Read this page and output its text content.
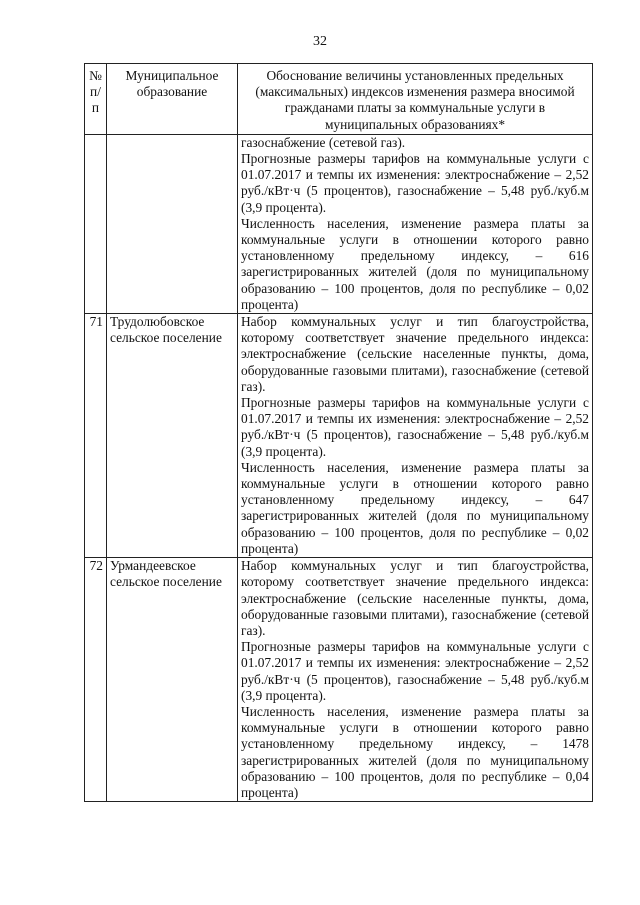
32
№ п/п	Муниципальное образование	Обоснование величины установленных предельных (максимальных) индексов изменения размера вносимой гражданами платы за коммунальные услуги в муниципальных образованиях*

		газоснабжение (сетевой газ).
Прогнозные размеры тарифов на коммунальные услуги с 01.07.2017 и темпы их изменения: электроснабжение – 2,52 руб./кВт·ч (5 процентов), газоснабжение – 5,48 руб./куб.м (3,9 процента).
Численность населения, изменение размера платы за коммунальные услуги в отношении которого равно установленному предельному индексу, – 616 зарегистрированных жителей (доля по муниципальному образованию – 100 процентов, доля по республике – 0,02 процента)

71	Трудолюбовское сельское поселение	Набор коммунальных услуг и тип благоустройства, которому соответствует значение предельного индекса: электроснабжение (сельские населенные пункты, дома, оборудованные газовыми плитами), газоснабжение (сетевой газ).
Прогнозные размеры тарифов на коммунальные услуги с 01.07.2017 и темпы их изменения: электроснабжение – 2,52 руб./кВт·ч (5 процентов), газоснабжение – 5,48 руб./куб.м (3,9 процента).
Численность населения, изменение размера платы за коммунальные услуги в отношении которого равно установленному предельному индексу, – 647 зарегистрированных жителей (доля по муниципальному образованию – 100 процентов, доля по республике – 0,02 процента)

72	Урмандеевское сельское поселение	Набор коммунальных услуг и тип благоустройства, которому соответствует значение предельного индекса: электроснабжение (сельские населенные пункты, дома, оборудованные газовыми плитами), газоснабжение (сетевой газ).
Прогнозные размеры тарифов на коммунальные услуги с 01.07.2017 и темпы их изменения: электроснабжение – 2,52 руб./кВт·ч (5 процентов), газоснабжение – 5,48 руб./куб.м (3,9 процента).
Численность населения, изменение размера платы за коммунальные услуги в отношении которого равно установленному предельному индексу, – 1478 зарегистрированных жителей (доля по муниципальному образованию – 100 процентов, доля по республике – 0,04 процента)
